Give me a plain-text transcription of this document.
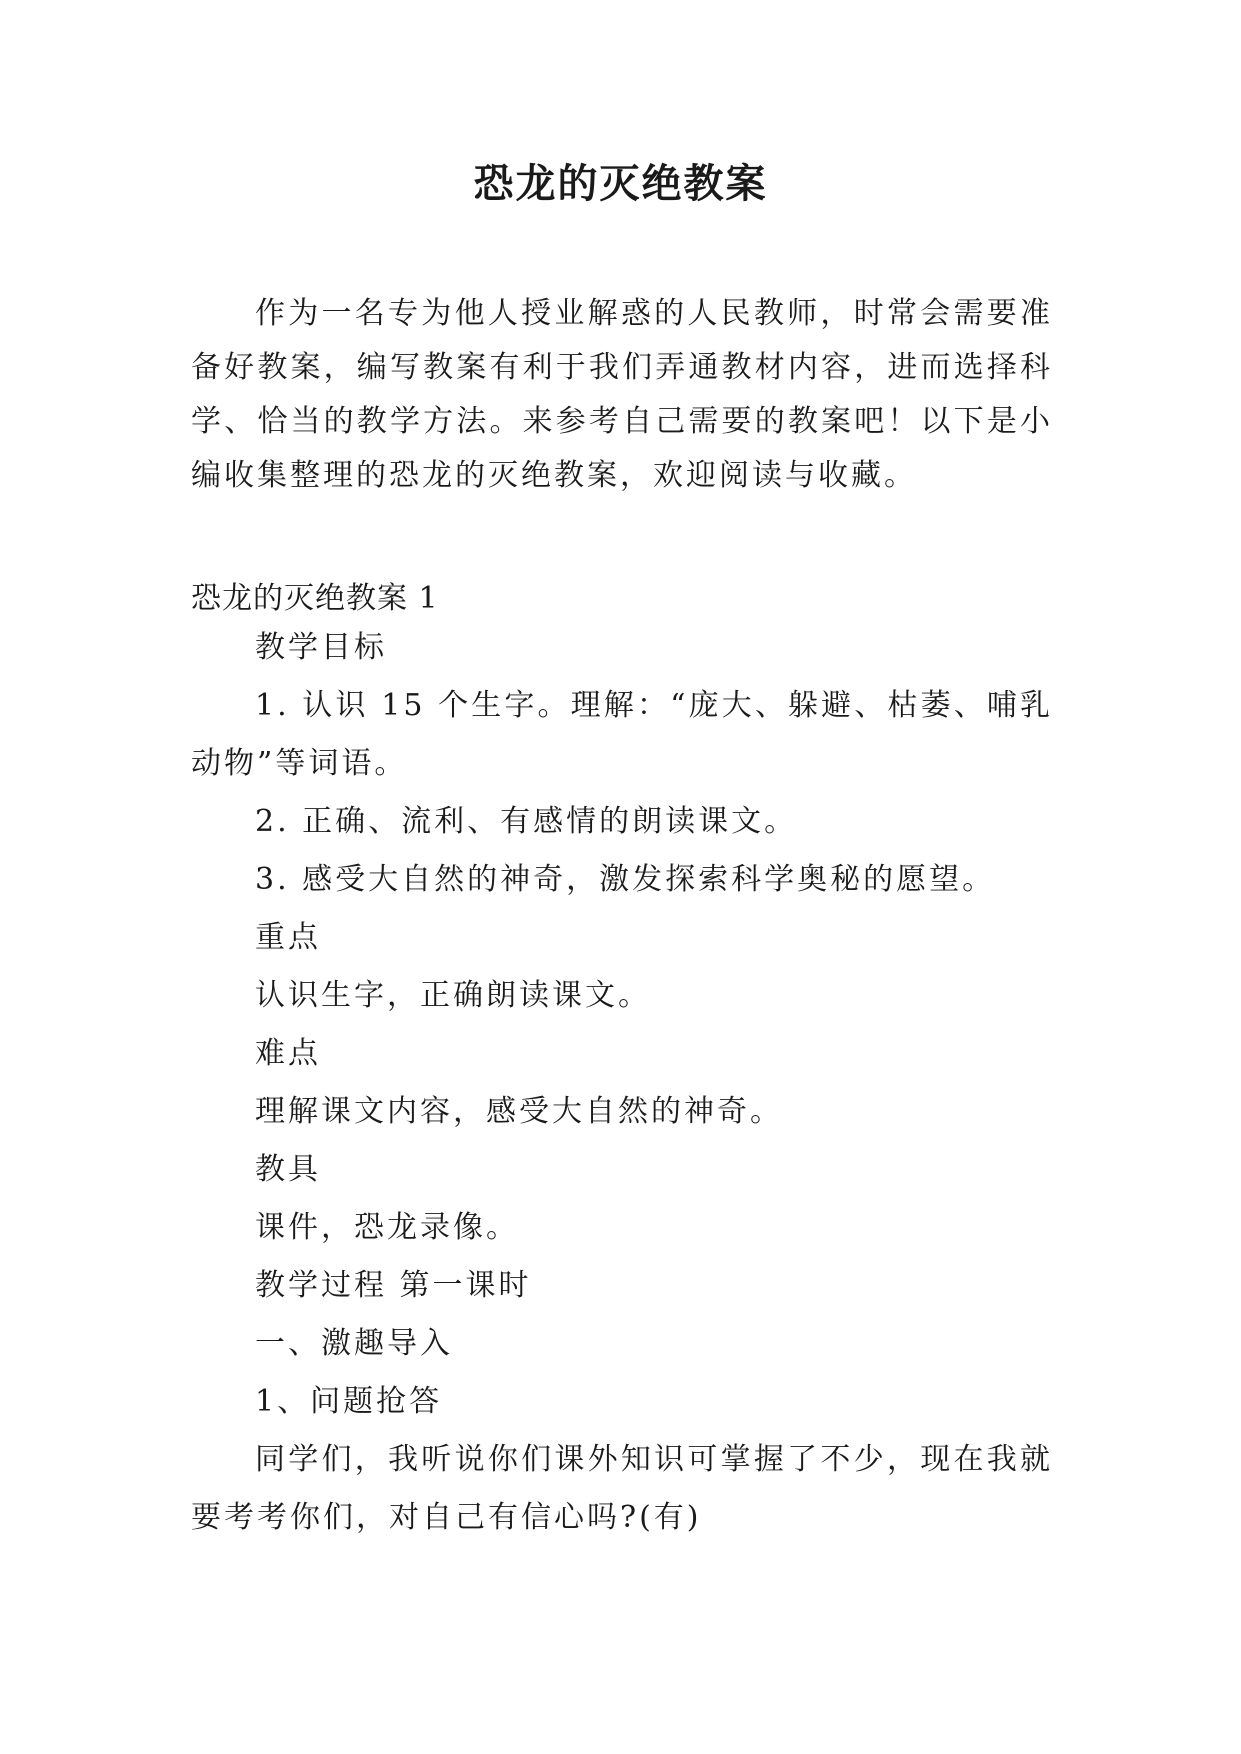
恐龙的灭绝教案

作为一名专为他人授业解惑的人民教师，时常会需要准备好教案，编写教案有利于我们弄通教材内容，进而选择科学、恰当的教学方法。来参考自己需要的教案吧！以下是小编收集整理的恐龙的灭绝教案，欢迎阅读与收藏。

恐龙的灭绝教案 1

教学目标

1. 认识 15 个生字。理解：“庞大、躲避、枯萎、哺乳动物”等词语。

2. 正确、流利、有感情的朗读课文。

3. 感受大自然的神奇，激发探索科学奥秘的愿望。

重点

认识生字，正确朗读课文。

难点

理解课文内容，感受大自然的神奇。

教具

课件，恐龙录像。

教学过程 第一课时

一、激趣导入

1、问题抢答

同学们，我听说你们课外知识可掌握了不少，现在我就要考考你们，对自己有信心吗?(有)
